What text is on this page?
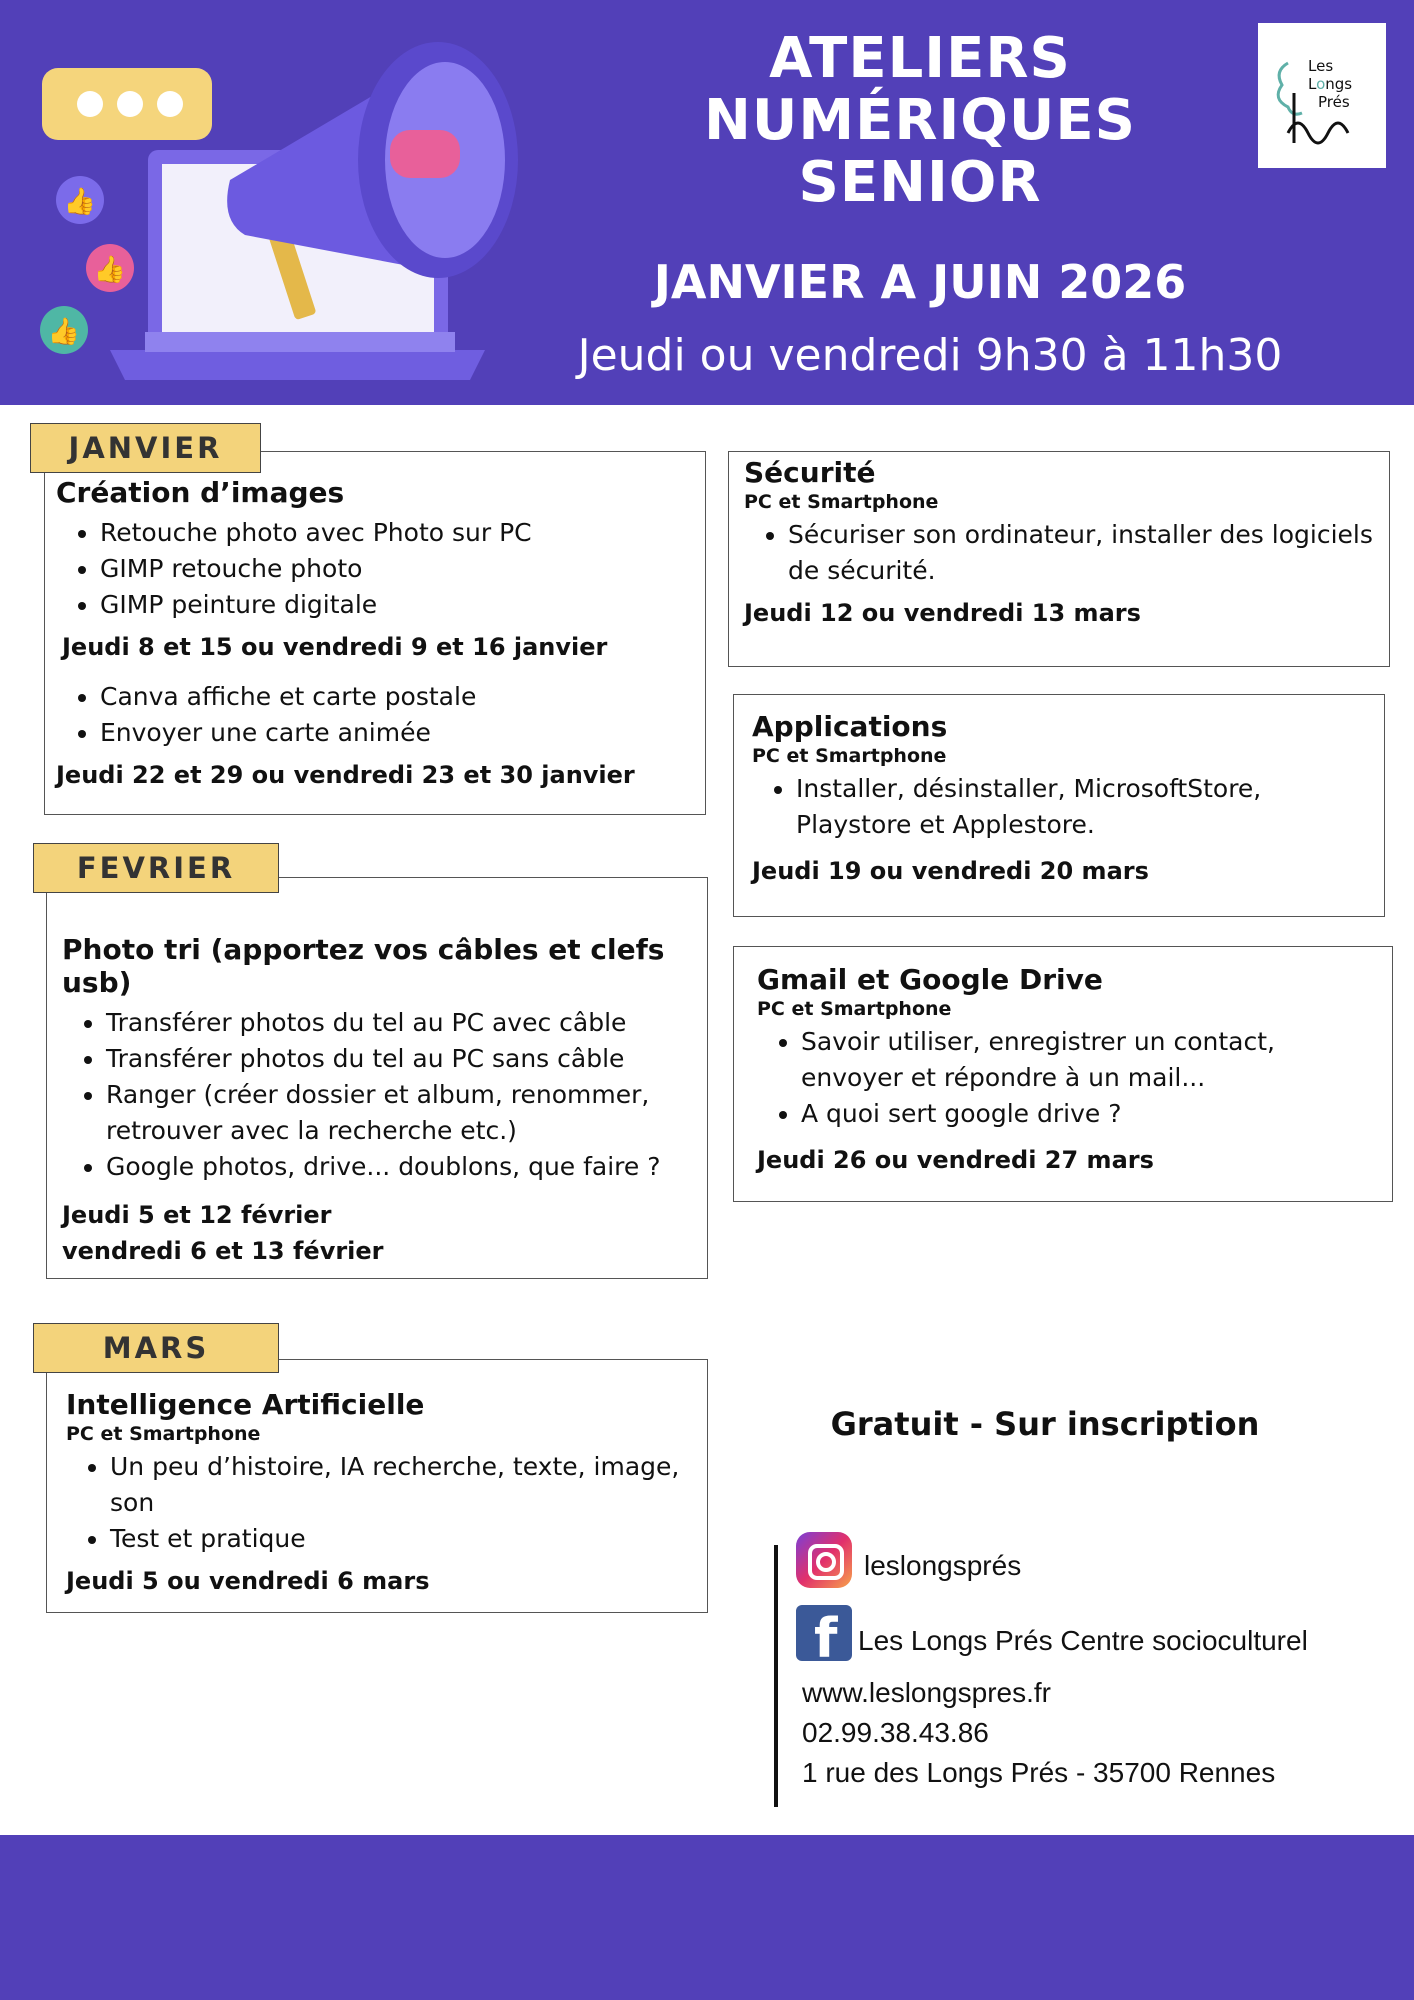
👍
👍
👍
ATELIERS
NUMÉRIQUES
SENIOR
JANVIER A JUIN 2026
Jeudi ou vendredi 9h30 à 11h30
Les
Longs
Prés
JANVIER

Création d’images

• Retouche photo avec Photo sur PC
• GIMP retouche photo
• GIMP peinture digitale

Jeudi 8 et 15 ou vendredi 9 et 16 janvier

• Canva affiche et carte postale
• Envoyer une carte animée

Jeudi 22 et 29 ou vendredi 23 et 30 janvier

FEVRIER

Photo tri (apportez vos câbles et clefs usb)

• Transférer photos du tel au PC avec câble
• Transférer photos du tel au PC sans câble
• Ranger (créer dossier et album, renommer, retrouver avec la recherche etc.)
• Google photos, drive... doublons, que faire ?

Jeudi 5 et 12 février

vendredi 6 et 13 février

MARS

Intelligence Artificielle

PC et Smartphone

• Un peu d’histoire, IA recherche, texte, image, son
• Test et pratique

Jeudi 5 ou vendredi 6 mars

Sécurité

PC et Smartphone

• Sécuriser son ordinateur, installer des logiciels de sécurité.

Jeudi 12 ou vendredi 13 mars

Applications

PC et Smartphone

• Installer, désinstaller, MicrosoftStore, Playstore et Applestore.

Jeudi 19 ou vendredi 20 mars

Gmail et Google Drive

PC et Smartphone

• Savoir utiliser, enregistrer un contact, envoyer et répondre à un mail...
• A quoi sert google drive ?

Jeudi 26 ou vendredi 27 mars

Gratuit - Sur inscription
leslongsprés
f Les Longs Prés Centre socioculturel
www.leslongspres.fr
02.99.38.43.86
1 rue des Longs Prés - 35700 Rennes
